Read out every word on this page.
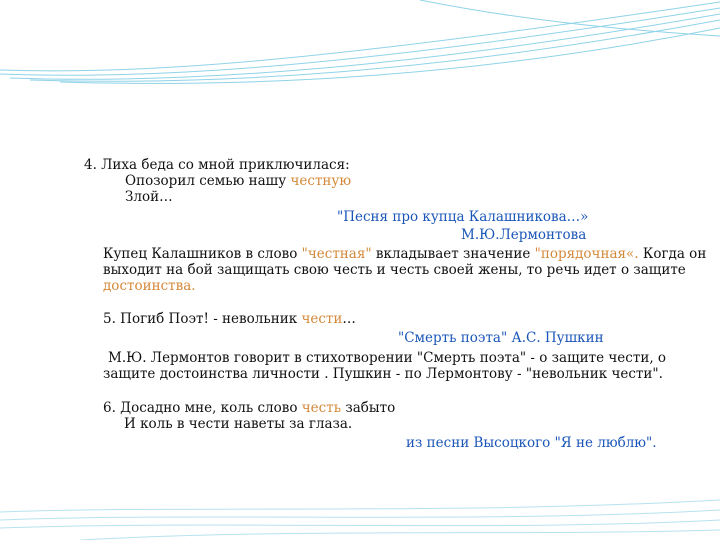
4. Лиха беда со мной приключилася:
Опозорил семью нашу честную
Злой…
"Песня про купца Калашникова…»
М.Ю.Лермонтова
Купец Калашников в слово "честная" вкладывает значение "порядочная«. Когда он
выходит на бой защищать свою честь и честь своей жены, то речь идет о защите
достоинства.
5. Погиб Поэт! - невольник чести…
"Смерть поэта" А.С. Пушкин
М.Ю. Лермонтов говорит в стихотворении "Смерть поэта" - о защите чести, о
защите достоинства личности . Пушкин - по Лермонтову - "невольник чести".
6. Досадно мне, коль слово честь забыто
И коль в чести наветы за глаза.
из песни Высоцкого "Я не люблю".
